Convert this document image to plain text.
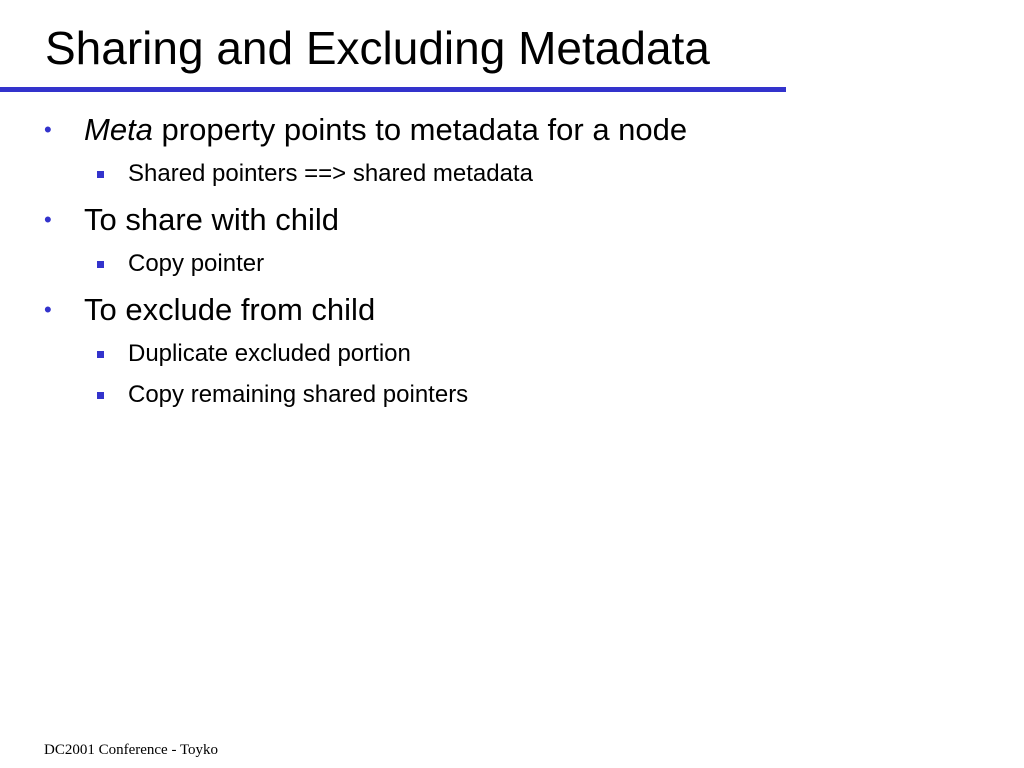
Sharing and Excluding Metadata
• Meta property points to metadata for a node
Shared pointers ==> shared metadata
• To share with child
Copy pointer
• To exclude from child
Duplicate excluded portion
Copy remaining shared pointers
DC2001 Conference - Toyko
